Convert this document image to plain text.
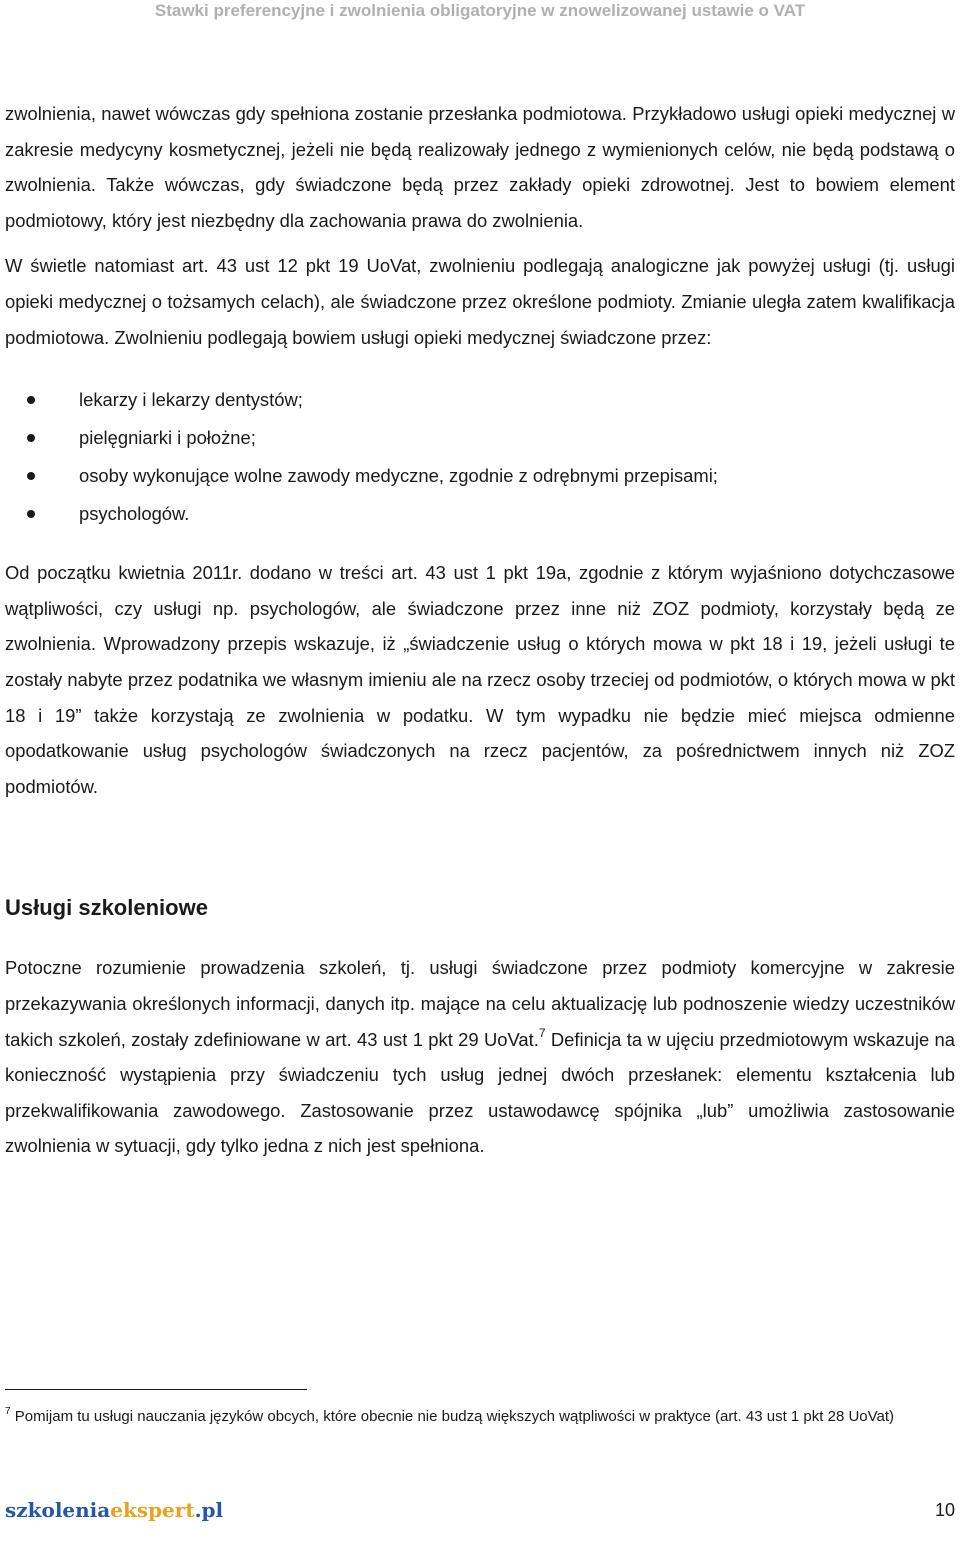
Stawki preferencyjne i zwolnienia obligatoryjne w znowelizowanej ustawie o VAT

zwolnienia, nawet wówczas gdy spełniona zostanie przesłanka podmiotowa. Przykładowo usługi opieki medycznej w zakresie medycyny kosmetycznej, jeżeli nie będą realizowały jednego z wymienionych celów, nie będą podstawą o zwolnienia. Także wówczas, gdy świadczone będą przez zakłady opieki zdrowotnej. Jest to bowiem element podmiotowy, który jest niezbędny dla zachowania prawa do zwolnienia.

W świetle natomiast art. 43 ust 12 pkt 19 UoVat, zwolnieniu podlegają analogiczne jak powyżej usługi (tj. usługi opieki medycznej o tożsamych celach), ale świadczone przez określone podmioty. Zmianie uległa zatem kwalifikacja podmiotowa. Zwolnieniu podlegają bowiem usługi opieki medycznej świadczone przez:

lekarzy i lekarzy dentystów;
pielęgniarki i położne;
osoby wykonujące wolne zawody medyczne, zgodnie z odrębnymi przepisami;
psychologów.

Od początku kwietnia 2011r. dodano w treści art. 43 ust 1 pkt 19a, zgodnie z którym wyjaśniono dotychczasowe wątpliwości, czy usługi np. psychologów, ale świadczone przez inne niż ZOZ podmioty, korzystały będą ze zwolnienia. Wprowadzony przepis wskazuje, iż „świadczenie usług o których mowa w pkt 18 i 19, jeżeli usługi te zostały nabyte przez podatnika we własnym imieniu ale na rzecz osoby trzeciej od podmiotów, o których mowa w pkt 18 i 19” także korzystają ze zwolnienia w podatku. W tym wypadku nie będzie mieć miejsca odmienne opodatkowanie usług psychologów świadczonych na rzecz pacjentów, za pośrednictwem innych niż ZOZ podmiotów.

Usługi szkoleniowe

Potoczne rozumienie prowadzenia szkoleń, tj. usługi świadczone przez podmioty komercyjne w zakresie przekazywania określonych informacji, danych itp. mające na celu aktualizację lub podnoszenie wiedzy uczestników takich szkoleń, zostały zdefiniowane w art. 43 ust 1 pkt 29 UoVat.$^7$ Definicja ta w ujęciu przedmiotowym wskazuje na konieczność wystąpienia przy świadczeniu tych usług jednej dwóch przesłanek: elementu kształcenia lub przekwalifikowania zawodowego. Zastosowanie przez ustawodawcę spójnika „lub” umożliwia zastosowanie zwolnienia w sytuacji, gdy tylko jedna z nich jest spełniona.

$^7$ Pomijam tu usługi nauczania języków obcych, które obecnie nie budzą większych wątpliwości w praktyce (art. 43 ust 1 pkt 28 UoVat)
szkoleniaekspert.pl	10
